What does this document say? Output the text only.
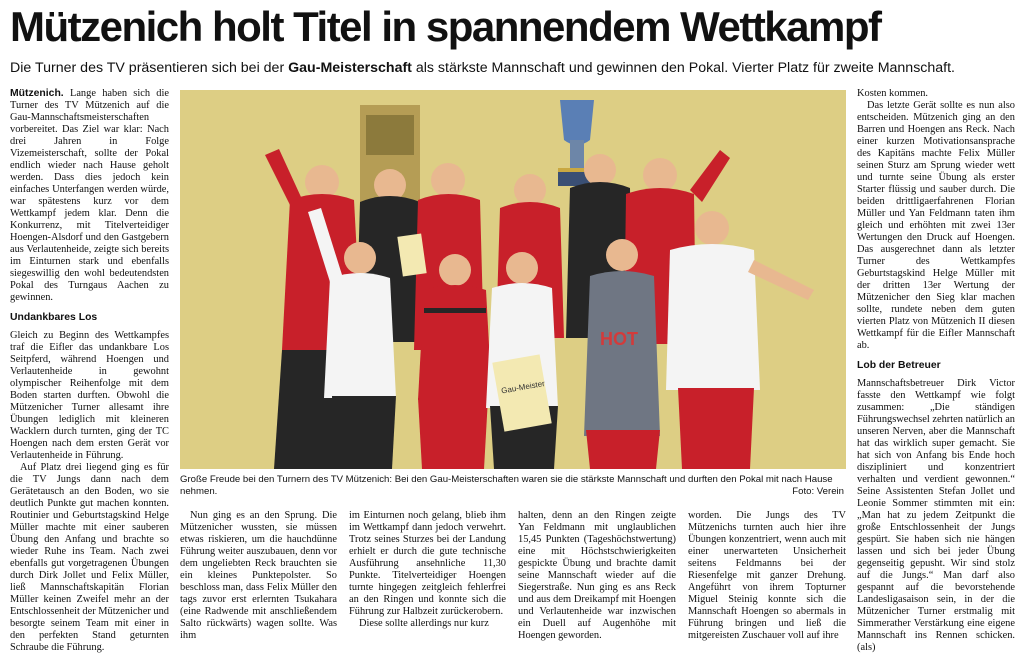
Mützenich holt Titel in spannendem Wettkampf

Die Turner des TV präsentieren sich bei der Gau-Meisterschaft als stärkste Mannschaft und gewinnen den Pokal. Vierter Platz für zweite Mannschaft.

Mützenich. Lange haben sich die Turner des TV Mützenich auf die Gau-Mannschaftsmeisterschaften vorbereitet. Das Ziel war klar: Nach drei Jahren in Folge Vizemeisterschaft, sollte der Pokal endlich wieder nach Hause geholt werden. Dass dies jedoch kein einfaches Unterfangen werden würde, war spätestens kurz vor dem Wettkampf jedem klar. Denn die Konkurrenz, mit Titelverteidiger Hoengen-Alsdorf und den Gastgebern aus Verlautenheide, zeigte sich bereits im Einturnen stark und ebenfalls siegeswillig den wohl bedeutendsten Pokal des Turngaus Aachen zu gewinnen.

Undankbares Los

Gleich zu Beginn des Wettkampfes traf die Eifler das undankbare Los Seitpferd, während Hoengen und Verlautenheide in gewohnt olympischer Reihenfolge mit dem Boden starten durften. Obwohl die Mützenicher Turner allesamt ihre Übungen lediglich mit kleineren Wacklern durch turnten, ging der TC Hoengen nach dem ersten Gerät vor Verlautenheide in Führung.

Auf Platz drei liegend ging es für die TV Jungs dann nach dem Gerätetausch an den Boden, wo sie deutlich Punkte gut machen konnten. Routinier und Geburtstagskind Helge Müller machte mit einer sauberen Übung den Anfang und brachte so wieder Ruhe ins Team. Nach zwei ebenfalls gut vorgetragenen Übungen durch Dirk Jollet und Felix Müller, ließ Mannschaftskapitän Florian Müller keinen Zweifel mehr an der Entschlossenheit der Mützenicher und besorgte seinem Team mit einer in den perfekten Stand geturnten Schraube die Führung.

Gau-Meister
HOT

Große Freude bei den Turnern des TV Mützenich: Bei den Gau-Meisterschaften waren sie die stärkste Mannschaft und durften den Pokal mit nach Hause nehmen.	Foto: Verein

Nun ging es an den Sprung. Die Mützenicher wussten, sie müssen etwas riskieren, um die hauchdünne Führung weiter auszubauen, denn vor dem ungeliebten Reck brauchten sie ein kleines Punktepolster. So beschloss man, dass Felix Müller den tags zuvor erst erlernten Tsukahara (eine Radwende mit anschließendem Salto rückwärts) wagen sollte. Was ihm

im Einturnen noch gelang, blieb ihm im Wettkampf dann jedoch verwehrt. Trotz seines Sturzes bei der Landung erhielt er durch die gute technische Ausführung ansehnliche 11,30 Punkte. Titelverteidiger Hoengen turnte hingegen zeitgleich fehlerfrei an den Ringen und konnte sich die Führung zur Halbzeit zurückerobern.

Diese sollte allerdings nur kurz

halten, denn an den Ringen zeigte Yan Feldmann mit unglaublichen 15,45 Punkten (Tageshöchstwertung) eine mit Höchstschwierigkeiten gespickte Übung und brachte damit seine Mannschaft wieder auf die Siegerstraße. Nun ging es ans Reck und aus dem Dreikampf mit Hoengen und Verlautenheide war inzwischen ein Duell auf Augenhöhe mit Hoengen geworden.

worden. Die Jungs des TV Mützenichs turnten auch hier ihre Übungen konzentriert, wenn auch mit einer unerwarteten Unsicherheit seitens Feldmanns bei der Riesenfelge mit ganzer Drehung. Angeführt von ihrem Topturner Miguel Steinig konnte sich die Mannschaft Hoengen so abermals in Führung bringen und ließ die mitgereisten Zuschauer voll auf ihre

Kosten kommen.

Das letzte Gerät sollte es nun also entscheiden. Mützenich ging an den Barren und Hoengen ans Reck. Nach einer kurzen Motivationsansprache des Kapitäns machte Felix Müller seinen Sturz am Sprung wieder wett und turnte seine Übung als erster Starter flüssig und sauber durch. Die beiden drittligaerfahrenen Florian Müller und Yan Feldmann taten ihm gleich und erhöhten mit zwei 13er Wertungen den Druck auf Hoengen. Das ausgerechnet dann als letzter Turner des Wettkampfes Geburtstagskind Helge Müller mit der dritten 13er Wertung der Mützenicher den Sieg klar machen sollte, rundete neben dem guten vierten Platz von Mützenich II diesen Wettkampf für die Eifler Mannschaft ab.

Lob der Betreuer

Mannschaftsbetreuer Dirk Victor fasste den Wettkampf wie folgt zusammen: „Die ständigen Führungswechsel zehrten natürlich an unseren Nerven, aber die Mannschaft hat das wirklich super gemacht. Sie hat sich von Anfang bis Ende hoch diszipliniert und konzentriert verhalten und verdient gewonnen.“ Seine Assistenten Stefan Jollet und Leonie Sommer stimmten mit ein: „Man hat zu jedem Zeitpunkt die große Entschlossenheit der Jungs gespürt. Sie haben sich nie hängen lassen und sich bei jeder Übung gegenseitig gepusht. Wir sind stolz auf die Jungs.“ Man darf also gespannt auf die bevorstehende Landesligasaison sein, in der die Mützenicher Turner erstmalig mit Simmerather Verstärkung eine eigene Mannschaft ins Rennen schicken. (als)
